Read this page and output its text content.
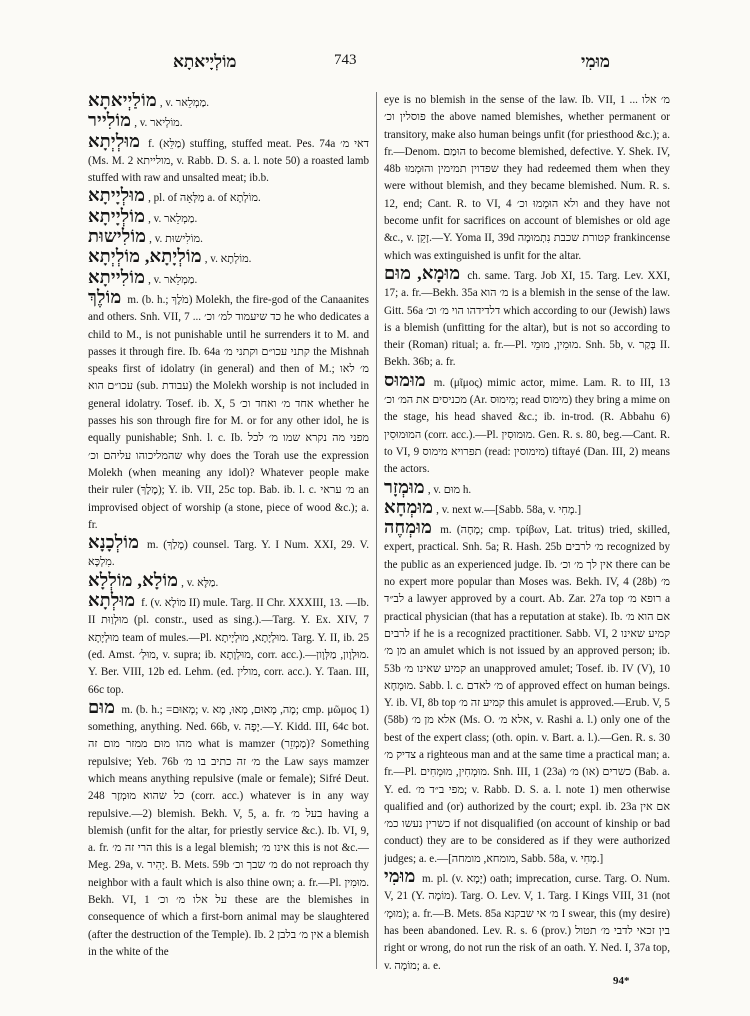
מוֹלְיָיאתָא	743	מוּמִי

מוֹלַיְיאתָא , v. מַמְלֵאר.

מוֹלִייר , v. מוֹלְיאר.

מוּלְיְתָא f. (מַלֵּא) stuffing, stuffed meat. Pes. 74a דאי מ׳ (Ms. M. 2 מולייתא, v. Rabb. D. S. a. l. note 50) a roasted lamb stuffed with raw and unsalted meat; ib.b.

מוּלְיָיתָא , pl. of מַלְּאָה a. of מוֹלְתָא.

מוֹלְיָיתָא , v. מַמְלֵאר.

מוֹלִישוּת , v. מוֹלִישוּת.

מוֹלְיָתָא, מוֹלְיְתָא , v. מוֹלְתָא.

מוֹלִייתָא , v. מַמְלֵאר.

מוֹלֶךְ m. (b. h.; מֹלֶךְ) Molekh, the fire-god of the Canaanites and others. Snh. VII, 7 ... כד שיעמוד למ׳ וכ׳ he who dedicates a child to M., is not punishable until he surrenders it to M. and passes it through fire. Ib. 64a קתני עכו״ם וקתני מ׳ the Mishnah speaks first of idolatry (in general) and then of M.; מ׳ לאו עכו״ם הוא (sub. עבודת) the Molekh worship is not included in general idolatry. Tosef. ib. X, 5 אחד מ׳ ואחד וכ׳ whether he passes his son through fire for M. or for any other idol, he is equally punishable; Snh. l. c. Ib. מפני מה נקרא שמו מ׳ לכל שהמליכוהו עליהם וכ׳ why does the Torah use the expression Molekh (when meaning any idol)? Whatever people make their ruler (מֶלֶךְ); Y. ib. VII, 25c top. Bab. ib. l. c. מ׳ עראי an improvised object of worship (a stone, piece of wood &c.); a. fr.

מוֹלְכָנָא m. (מָלַךְ) counsel. Targ. Y. I Num. XXI, 29. V. מִלְכָּא.

מוֹלָא, מוֹלְלָא , v. מַלָּא.

מוּלְתָא f. (v. מוֹלָא II) mule. Targ. II Chr. XXXIII, 13. —Ib. II מוּלְוַוּת (pl. constr., used as sing.).—Targ. Y. Ex. XIV, 7 מוּלְיָתָא team of mules.—Pl. מוּלְיָתָא, מוּלְיָיתָא. Targ. Y. II, ib. 25 (ed. Amst. מוּלְ׳, v. supra; ib. מוּלְוָתָא, corr. acc.).—מוּלְוָון, מַלְּוָון. Y. Ber. VIII, 12b ed. Lehm. (ed. מולין, corr. acc.). Y. Taan. III, 66c top.

מוּם m. (b. h.; =מְאוּם; v. מָה, מָאוּם, מָאוּ, מָא; cmp. μῶμος 1) something, anything. Ned. 66b, v. יָפָה.—Y. Kidd. III, 64c bot. מהו מוּם ממזר מום זה what is mamzer (מַמְזֵר)? Something repulsive; Yeb. 76b מ׳ זה כתיב בו מ׳ the Law says mamzer which means anything repulsive (male or female); Sifré Deut. 248 כל שהוא מוּמְזָר (corr. acc.) whatever is in any way repulsive.—2) blemish. Bekh. V, 5, a. fr. בעל מ׳ having a blemish (unfit for the altar, for priestly service &c.). Ib. VI, 9, a. fr. הרי זה מ׳ this is a legal blemish; אינו מ׳ this is not &c.—Meg. 29a, v. יָהִיר. B. Mets. 59b מ׳ שבך וכ׳ do not reproach thy neighbor with a fault which is also thine own; a. fr.—Pl. מוּמִין. Bekh. VI, 1 על אלו מ׳ וכ׳ these are the blemishes in consequence of which a first-born animal may be slaughtered (after the destruction of the Temple). Ib. 2 אין מ׳ בלבן a blemish in the white of the

eye is no blemish in the sense of the law. Ib. VII, 1 מ׳ אלו ... פוסלין וכ׳ the above named blemishes, whether permanent or transitory, make also human beings unfit (for priesthood &c.); a. fr.—Denom. הוּמַם to become blemished, defective. Y. Shek. IV, 48b שפדוין תמימין והוּמְמוּ they had redeemed them when they were without blemish, and they became blemished. Num. R. s. 12, end; Cant. R. to VI, 4 ולא הוּמְמוּ וכ׳ and they have not become unfit for sacrifices on account of blemishes or old age &c., v. זָקֵן.—Y. Yoma II, 39d קטורת שכבת נִתְמוּמָה frankincense which was extinguished is unfit for the altar.

מוּמָא, מוּם ch. same. Targ. Job XI, 15. Targ. Lev. XXI, 17; a. fr.—Bekh. 35a מ׳ הוא is a blemish in the sense of the law. Gitt. 56a דלדידהו הוי מ׳ וכ׳ which according to our (Jewish) laws is a blemish (unfitting for the altar), but is not so according to their (Roman) ritual; a. fr.—Pl. מוּמִין, מוּמֵי. Snh. 5b, v. בָּקַר II. Bekh. 36b; a. fr.

מוּמוּס m. (μῖμος) mimic actor, mime. Lam. R. to III, 13 מכניסים את המ׳ וכ׳ (Ar. מִימוּס; read מימוס) they bring a mime on the stage, his head shaved &c.; ib. in-trod. (R. Abbahu 6) המוּמוּסִין (corr. acc.).—Pl. מוּמוּסִין. Gen. R. s. 80, beg.—Cant. R. to VI, 9 תפרויא מימוס (read: מימוסין) tiftayé (Dan. III, 2) means the actors.

מוּמְזָר , v. מוּם h.

מוּמְחָא , v. next w.—[Sabb. 58a, v. מָחִי.]

מוּמְחֶה m. (מָחָה; cmp. τρίβων, Lat. tritus) tried, skilled, expert, practical. Snh. 5a; R. Hash. 25b מ׳ לרבים recognized by the public as an experienced judge. Ib. אין לך מ׳ וכ׳ there can be no expert more popular than Moses was. Bekh. IV, 4 (28b) מ׳ לב״ד a lawyer approved by a court. Ab. Zar. 27a top רופא מ׳ a practical physician (that has a reputation at stake). Ib. אם הוא מ׳ לרבים if he is a recognized practitioner. Sabb. VI, 2 קמיע שאינו מן מ׳ an amulet which is not issued by an approved person; ib. 53b קמיע שאינו מ׳ an unapproved amulet; Tosef. ib. IV (V), 10 מוּמְחָא. Sabb. l. c. מ׳ לאדם of approved effect on human beings. Y. ib. VI, 8b top קמיע זה מ׳ this amulet is approved.—Erub. V, 5 (58b) אלא מן מ׳ (Ms. O. אלא מ׳, v. Rashi a. l.) only one of the best of the expert class; (oth. opin. v. Bart. a. l.).—Gen. R. s. 30 צדיק מ׳ a righteous man and at the same time a practical man; a. fr.—Pl. מוּמְחִין, מוּמְחִים. Snh. III, 1 (23a) כשרים (או) מ׳ (Bab. a. Y. ed. מפי ב״ד מ׳; v. Rabb. D. S. a. l. note 1) men otherwise qualified and (or) authorized by the court; expl. ib. 23a אם אין כשרין נעשו כמ׳ if not disqualified (on account of kinship or bad conduct) they are to be considered as if they were authorized judges; a. e.—[מומחא, מומחה, Sabb. 58a, v. מָחִי.]

מוּמִי m. pl. (v. יָמָא) oath; imprecation, curse. Targ. O. Num. V, 21 (Y. מוֹמָה). Targ. O. Lev. V, 1. Targ. I Kings VIII, 31 (not מוּמָ׳); a. fr.—B. Mets. 85a מ׳ אי שבקנא I swear, this (my desire) has been abandoned. Lev. R. s. 6 (prov.) בין זכאי לדבי מ׳ תטול right or wrong, do not run the risk of an oath. Y. Ned. I, 37a top, v. מוֹמָה; a. e.

94*
